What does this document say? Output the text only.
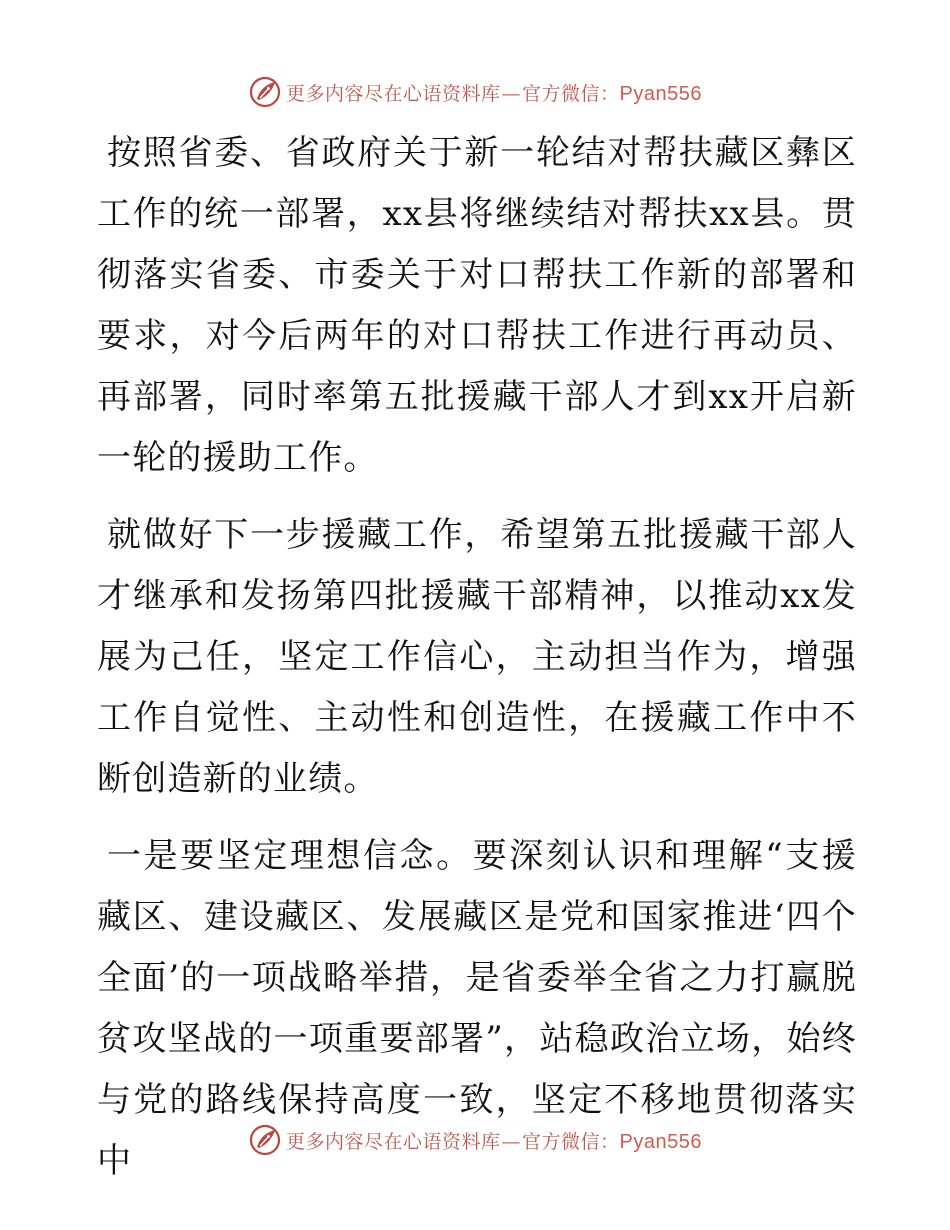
更多内容尽在心语资料库—官方微信：Pyan556

按照省委、省政府关于新一轮结对帮扶藏区彝区工作的统一部署，xx县将继续结对帮扶xx县。贯彻落实省委、市委关于对口帮扶工作新的部署和要求，对今后两年的对口帮扶工作进行再动员、再部署，同时率第五批援藏干部人才到xx开启新一轮的援助工作。

就做好下一步援藏工作，希望第五批援藏干部人才继承和发扬第四批援藏干部精神，以推动xx发展为己任，坚定工作信心，主动担当作为，增强工作自觉性、主动性和创造性，在援藏工作中不断创造新的业绩。

一是要坚定理想信念。要深刻认识和理解“支援藏区、建设藏区、发展藏区是党和国家推进‘四个全面’的一项战略举措，是省委举全省之力打赢脱贫攻坚战的一项重要部署”，站稳政治立场，始终与党的路线保持高度一致，坚定不移地贯彻落实中	更多内容尽在心语资料库—官方微信：Pyan556
